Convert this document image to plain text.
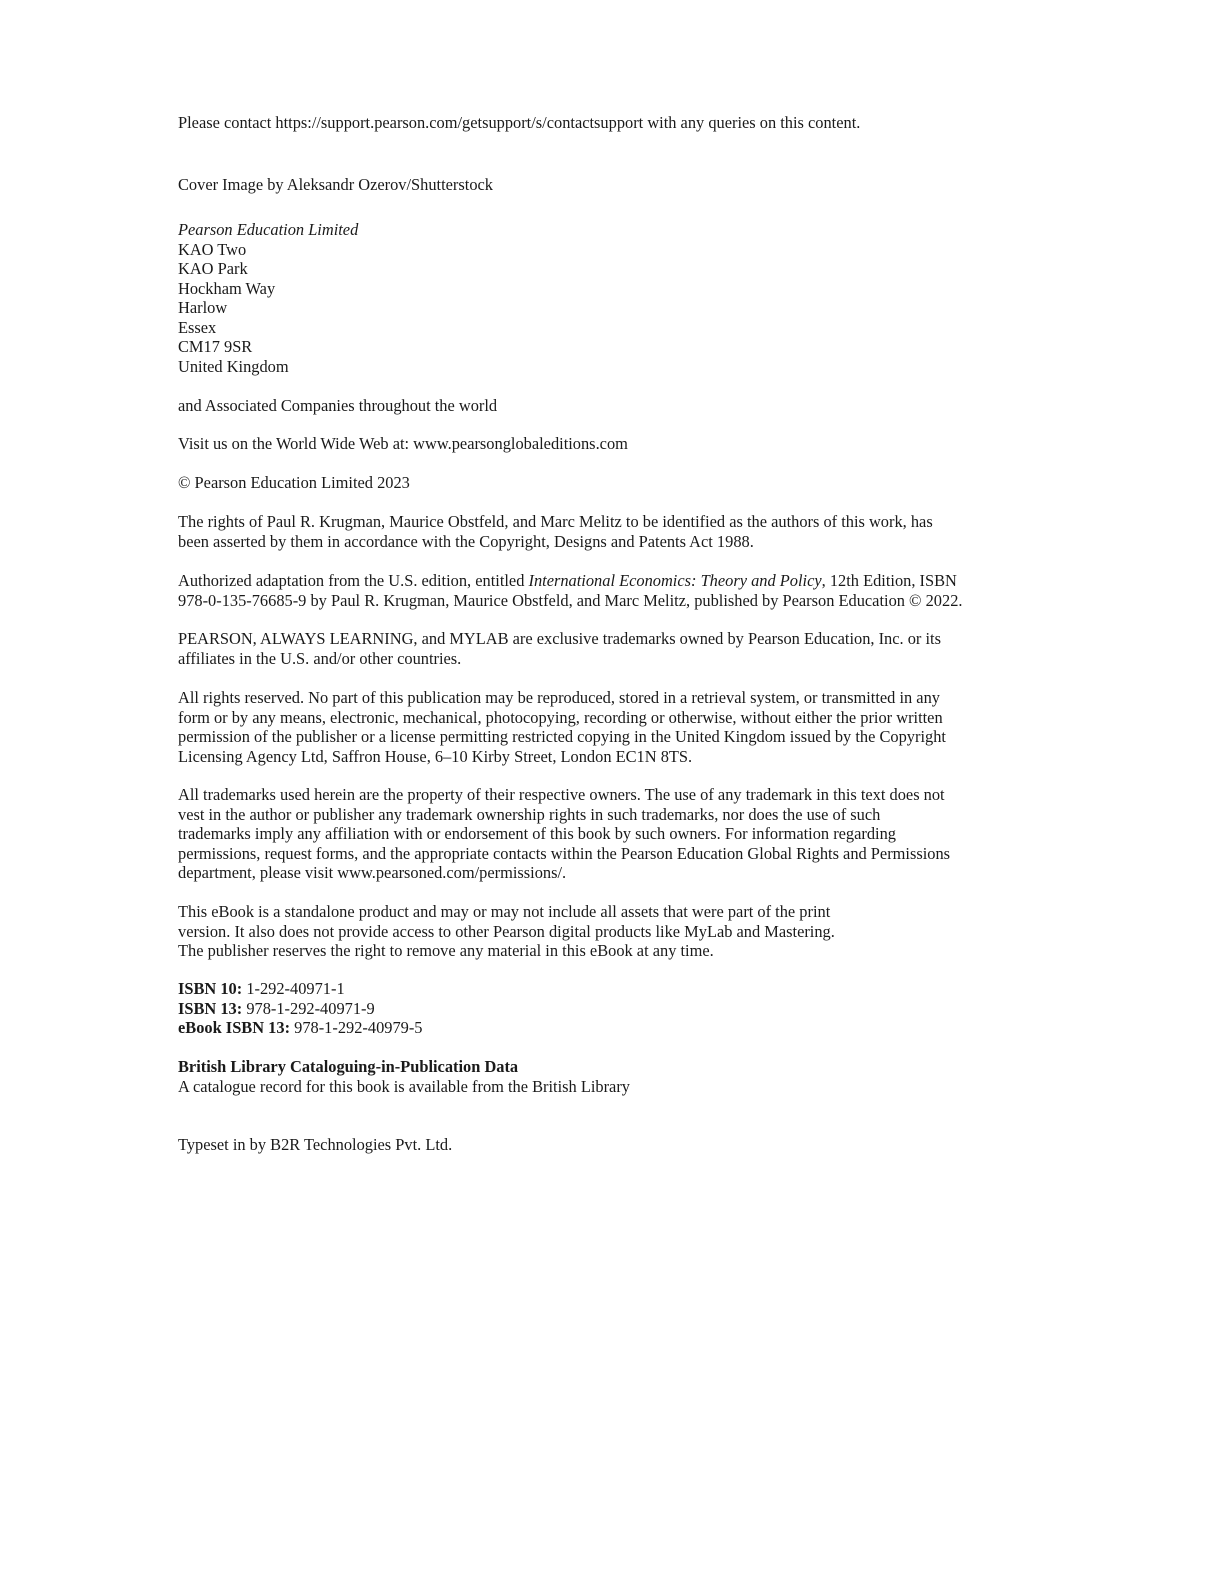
Please contact https://support.pearson.com/getsupport/s/contactsupport with any queries on this content.

Cover Image by Aleksandr Ozerov/Shutterstock

Pearson Education Limited
KAO Two
KAO Park
Hockham Way
Harlow
Essex
CM17 9SR
United Kingdom

and Associated Companies throughout the world

Visit us on the World Wide Web at: www.pearsonglobaleditions.com

© Pearson Education Limited 2023

The rights of Paul R. Krugman, Maurice Obstfeld, and Marc Melitz to be identified as the authors of this work, has
been asserted by them in accordance with the Copyright, Designs and Patents Act 1988.
Authorized adaptation from the U.S. edition, entitled International Economics: Theory and Policy, 12th Edition, ISBN
978-0-135-76685-9 by Paul R. Krugman, Maurice Obstfeld, and Marc Melitz, published by Pearson Education © 2022.
PEARSON, ALWAYS LEARNING, and MYLAB are exclusive trademarks owned by Pearson Education, Inc. or its
affiliates in the U.S. and/or other countries.
All rights reserved. No part of this publication may be reproduced, stored in a retrieval system, or transmitted in any
form or by any means, electronic, mechanical, photocopying, recording or otherwise, without either the prior written
permission of the publisher or a license permitting restricted copying in the United Kingdom issued by the Copyright
Licensing Agency Ltd, Saffron House, 6–10 Kirby Street, London EC1N 8TS.
All trademarks used herein are the property of their respective owners. The use of any trademark in this text does not
vest in the author or publisher any trademark ownership rights in such trademarks, nor does the use of such
trademarks imply any affiliation with or endorsement of this book by such owners. For information regarding
permissions, request forms, and the appropriate contacts within the Pearson Education Global Rights and Permissions
department, please visit www.pearsoned.com/permissions/.
This eBook is a standalone product and may or may not include all assets that were part of the print
version. It also does not provide access to other Pearson digital products like MyLab and Mastering.
The publisher reserves the right to remove any material in this eBook at any time.
ISBN 10: 1-292-40971-1
ISBN 13: 978-1-292-40971-9
eBook ISBN 13: 978-1-292-40979-5
British Library Cataloguing-in-Publication Data
A catalogue record for this book is available from the British Library

Typeset in by B2R Technologies Pvt. Ltd.
